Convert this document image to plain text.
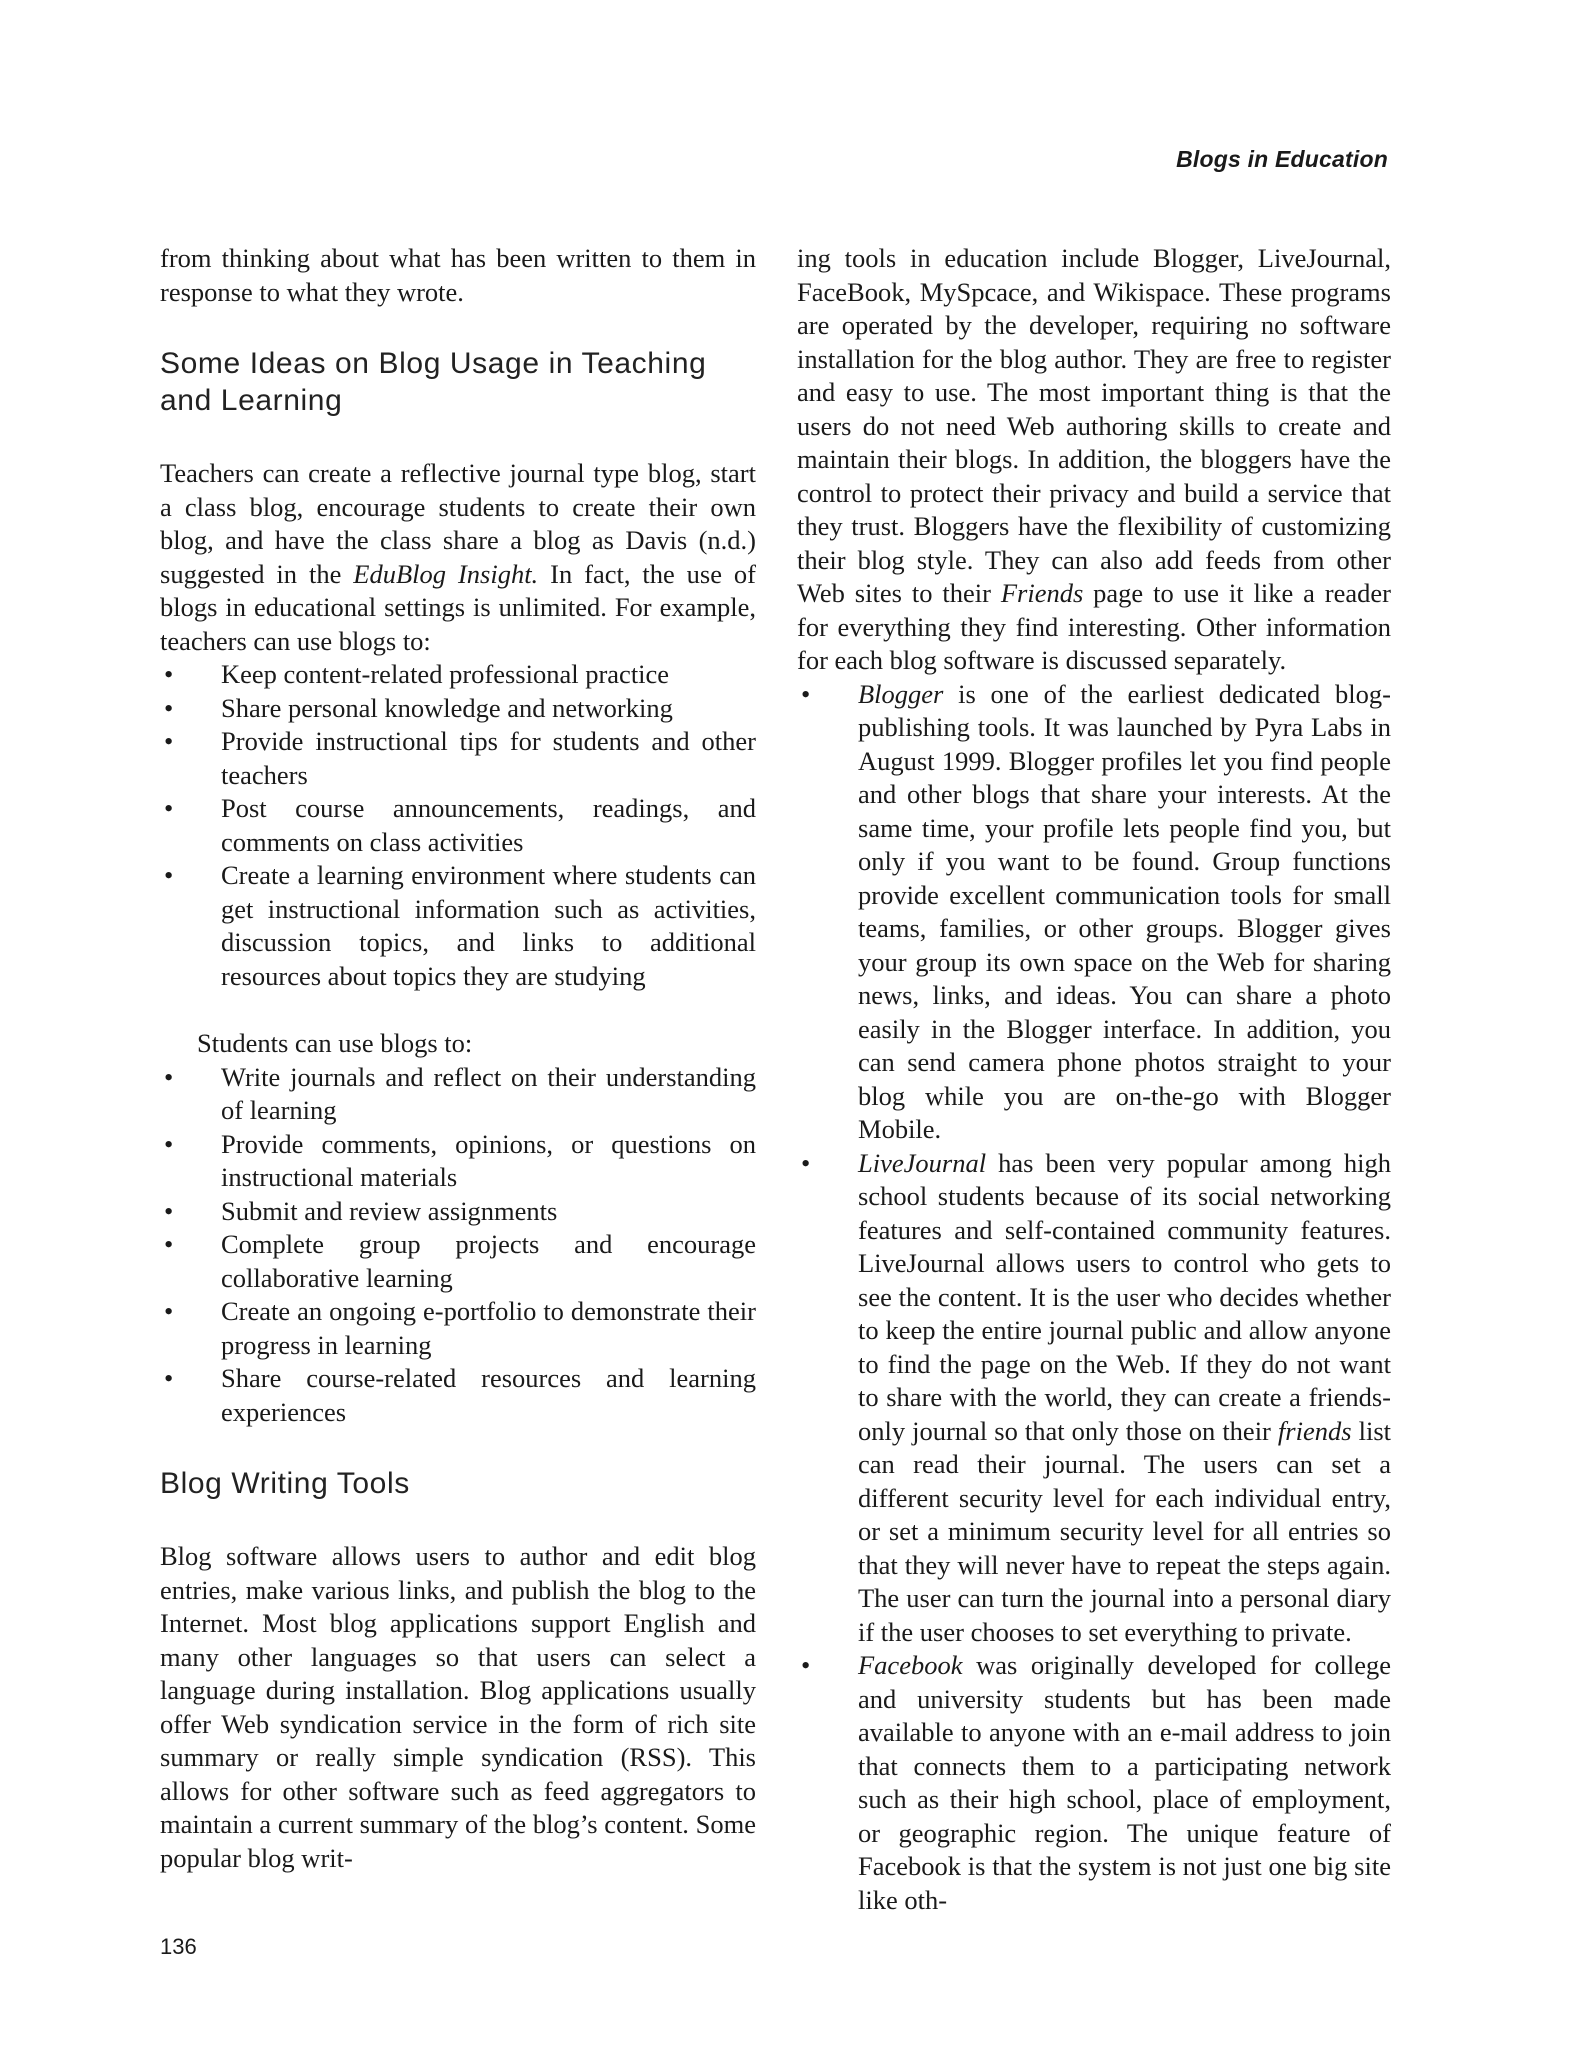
Blogs in Education

from thinking about what has been written to them in response to what they wrote.

Some Ideas on Blog Usage in Teaching and Learning

Teachers can create a reflective journal type blog, start a class blog, encourage students to create their own blog, and have the class share a blog as Davis (n.d.) suggested in the EduBlog Insight. In fact, the use of blogs in educational settings is unlimited. For example, teachers can use blogs to:

• Keep content-related professional practice
• Share personal knowledge and networking
• Provide instructional tips for students and other teachers
• Post course announcements, readings, and comments on class activities
• Create a learning environment where students can get instructional information such as activities, discussion topics, and links to additional resources about topics they are studying

Students can use blogs to:

• Write journals and reflect on their understanding of learning
• Provide comments, opinions, or questions on instructional materials
• Submit and review assignments
• Complete group projects and encourage collaborative learning
• Create an ongoing e-portfolio to demonstrate their progress in learning
• Share course-related resources and learning experiences
Blog Writing Tools

Blog software allows users to author and edit blog entries, make various links, and publish the blog to the Internet. Most blog applications support English and many other languages so that users can select a language during installation. Blog applications usually offer Web syndication service in the form of rich site summary or really simple syndication (RSS). This allows for other software such as feed aggregators to maintain a current summary of the blog’s content. Some popular blog writ-

ing tools in education include Blogger, LiveJournal, FaceBook, MySpcace, and Wikispace. These programs are operated by the developer, requiring no software installation for the blog author. They are free to register and easy to use. The most important thing is that the users do not need Web authoring skills to create and maintain their blogs. In addition, the bloggers have the control to protect their privacy and build a service that they trust. Bloggers have the flexibility of customizing their blog style. They can also add feeds from other Web sites to their Friends page to use it like a reader for everything they find interesting. Other information for each blog software is discussed separately.

• Blogger is one of the earliest dedicated blog-publishing tools. It was launched by Pyra Labs in August 1999. Blogger profiles let you find people and other blogs that share your interests. At the same time, your profile lets people find you, but only if you want to be found. Group functions provide excellent communication tools for small teams, families, or other groups. Blogger gives your group its own space on the Web for sharing news, links, and ideas. You can share a photo easily in the Blogger interface. In addition, you can send camera phone photos straight to your blog while you are on-the-go with Blogger Mobile.
• LiveJournal has been very popular among high school students because of its social networking features and self-contained community features. LiveJournal allows users to control who gets to see the content. It is the user who decides whether to keep the entire journal public and allow anyone to find the page on the Web. If they do not want to share with the world, they can create a friends-only journal so that only those on their friends list can read their journal. The users can set a different security level for each individual entry, or set a minimum security level for all entries so that they will never have to repeat the steps again. The user can turn the journal into a personal diary if the user chooses to set everything to private.
• Facebook was originally developed for college and university students but has been made available to anyone with an e-mail address to join that connects them to a participating network such as their high school, place of employment, or geographic region. The unique feature of Facebook is that the system is not just one big site like oth-
136
